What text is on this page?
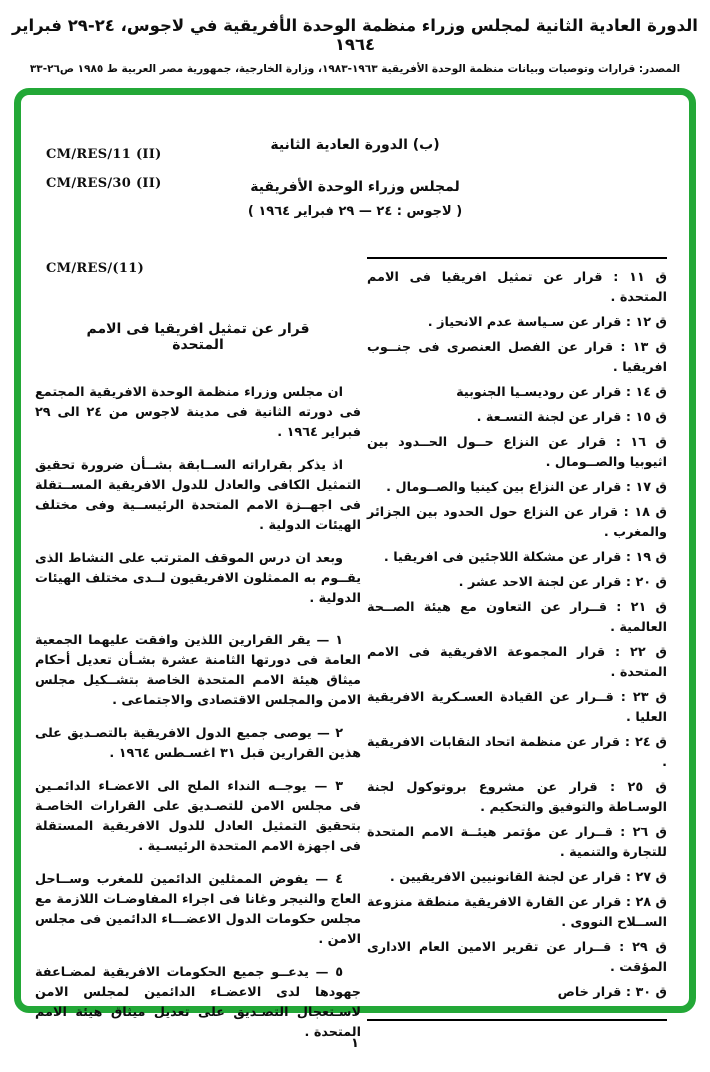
الدورة العادية الثانية لمجلس وزراء منظمة الوحدة الأفريقية في لاجوس، ٢٤-٢٩ فبراير ١٩٦٤
المصدر: قرارات وتوصيات وبيانات منظمة الوحدة الأفريقية ١٩٦٣-١٩٨٣، وزارة الخارجية، جمهورية مصر العربية ط ١٩٨٥ ص٢٦-٣٣
CM/RES/11 (II)
CM/RES/30 (II)
(ب) الدورة العادية الثانية
لمجلس وزراء الوحدة الأفريقية
( لاجوس : ٢٤ — ٢٩ فبراير ١٩٦٤ )
CM/RES/(11)
ق ١١ : قرار عن تمثيل افريقيا فى الامم المتحدة .
ق ١٢ : قرار عن سـياسة عدم الانحياز .
ق ١٣ : قرار عن الفصل العنصرى فى جنــوب افريقيا .
ق ١٤ : قرار عن روديسـيا الجنوبية
ق ١٥ : قرار عن لجنة التسـعة .
ق ١٦ : قرار عن النزاع حــول الحــدود بين اثيوبيا والصــومال .
ق ١٧ : قرار عن النزاع بين كينيا والصــومال .
ق ١٨ : قرار عن النزاع حول الحدود بين الجزائر والمغرب .
ق ١٩ : قرار عن مشكلة اللاجئين فى افريقيا .
ق ٢٠ : قرار عن لجنة الاحد عشر .
ق ٢١ : قــرار عن التعاون مع هيئة الصــحة العالمية .
ق ٢٢ : قرار المجموعة الافريقية فى الامم المتحدة .
ق ٢٣ : قــرار عن القيادة العسـكرية الافريقية العليا .
ق ٢٤ : قرار عن منظمة اتحاد النقابات الافريقية .
ق ٢٥ : قرار عن مشروع بروتوكول لجنة الوسـاطة والتوفيق والتحكيم .
ق ٢٦ : قــرار عن مؤتمر هيئــة الامم المتحدة للتجارة والتنمية .
ق ٢٧ : قرار عن لجنة القانونيين الافريقيين .
ق ٢٨ : قرار عن القارة الافريقية منطقة منزوعة الســلاح النووى .
ق ٢٩ : قــرار عن تقرير الامين العام الادارى المؤقت .
ق ٣٠ : قرار خاص
قرار عن تمثيل افريقيا فى الامم المتحدة
ان مجلس وزراء منظمة الوحدة الافريقية المجتمع فى دورته الثانية فى مدينة لاجوس من ٢٤ الى ٢٩ فبراير ١٩٦٤ .
اذ يذكر بقراراته الســابقة بشــأن ضرورة تحقيق التمثيل الكافى والعادل للدول الافريقية المســتقلة فى اجهــزة الامم المتحدة الرئيســية وفى مختلف الهيئات الدولية .
وبعد ان درس الموقف المترتب على النشاط الذى يقــوم به الممثلون الافريقيون لــدى مختلف الهيئات الدولية .
١ — يقر القرارين اللذين وافقت عليهما الجمعية العامة فى دورتها الثامنة عشرة بشـأن تعديل أحكام ميثاق هيئة الامم المتحدة الخاصة بتشــكيل مجلس الامن والمجلس الاقتصادى والاجتماعى .
٢ — يوصى جميع الدول الافريقية بالتصـديق على هذين القرارين قبل ٣١ اغسـطس ١٩٦٤ .
٣ — يوجــه النداء الملح الى الاعضـاء الدائمـين فى مجلس الامن للتصـديق على القرارات الخاصـة بتحقيق التمثيل العادل للدول الافريقية المستقلة فى اجهزة الامم المتحدة الرئيسـية .
٤ — يفوض الممثلين الدائمين للمغرب وســاحل العاج والنيجر وغانا فى اجراء المفاوضـات اللازمة مع مجلس حكومات الدول الاعضـــاء الدائمين فى مجلس الامن .
٥ — يدعــو جميع الحكومات الافريقية لمضـاعفة جهودها لدى الاعضـاء الدائمين لمجلس الامن لاسـتعجال التصـديق على تعديل ميثاق هيئة الامم المتحدة .
١
